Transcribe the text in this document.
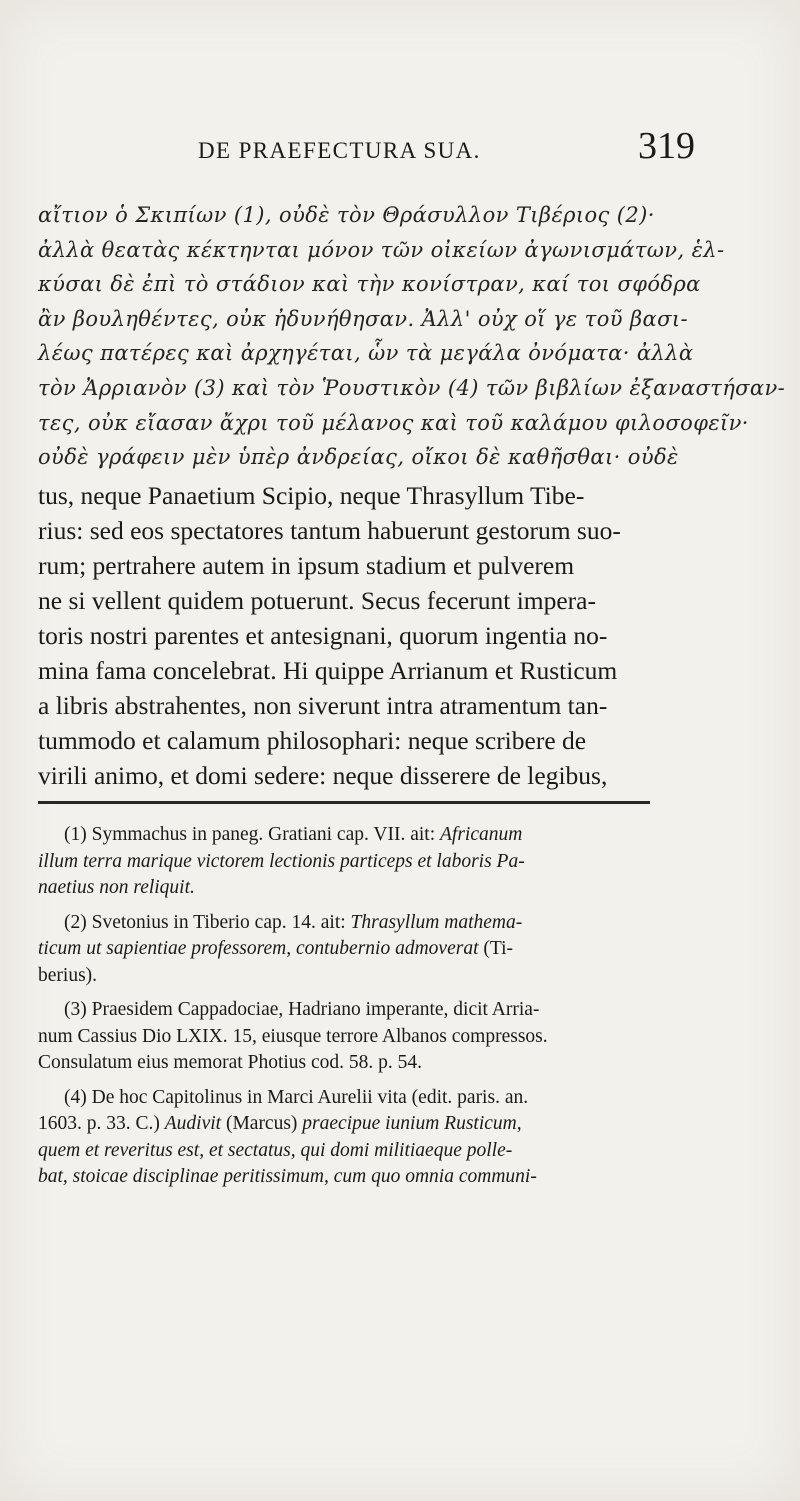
DE PRAEFECTURA SUA.	319
αἴτιον ὁ Σκιπίων (1), οὐδὲ τὸν Θράσυλλον Τιβέριος (2)·
ἀλλὰ θεατὰς κέκτηνται μόνον τῶν οἰκείων ἀγωνισμάτων, ἑλ-
κύσαι δὲ ἐπὶ τὸ στάδιον καὶ τὴν κονίστραν, καί τοι σφόδρα
ἂν βουληθέντες, οὐκ ἠδυνήθησαν. Ἀλλ' οὐχ οἵ γε τοῦ βασι-
λέως πατέρες καὶ ἀρχηγέται, ὧν τὰ μεγάλα ὀνόματα· ἀλλὰ
τὸν Ἀρριανὸν (3) καὶ τὸν Ῥουστικὸν (4) τῶν βιβλίων ἐξαναστήσαν-
τες, οὐκ εἴασαν ἄχρι τοῦ μέλανος καὶ τοῦ καλάμου φιλοσοφεῖν·
οὐδὲ γράφειν μὲν ὑπὲρ ἀνδρείας, οἴκοι δὲ καθῆσθαι· οὐδὲ
tus, neque Panaetium Scipio, neque Thrasyllum Tibe-
rius: sed eos spectatores tantum habuerunt gestorum suo-
rum; pertrahere autem in ipsum stadium et pulverem
ne si vellent quidem potuerunt. Secus fecerunt impera-
toris nostri parentes et antesignani, quorum ingentia no-
mina fama concelebrat. Hi quippe Arrianum et Rusticum
a libris abstrahentes, non siverunt intra atramentum tan-
tummodo et calamum philosophari: neque scribere de
virili animo, et domi sedere: neque disserere de legibus,
(1) Symmachus in paneg. Gratiani cap. VII. ait: Africanum
illum terra marique victorem lectionis particeps et laboris Pa-
naetius non reliquit.
(2) Svetonius in Tiberio cap. 14. ait: Thrasyllum mathema-
ticum ut sapientiae professorem, contubernio admoverat (Ti-
berius).
(3) Praesidem Cappadociae, Hadriano imperante, dicit Arria-
num Cassius Dio LXIX. 15, eiusque terrore Albanos compressos.
Consulatum eius memorat Photius cod. 58. p. 54.
(4) De hoc Capitolinus in Marci Aurelii vita (edit. paris. an.
1603. p. 33. C.) Audivit (Marcus) praecipue iunium Rusticum,
quem et reveritus est, et sectatus, qui domi militiaeque polle-
bat, stoicae disciplinae peritissimum, cum quo omnia communi-
